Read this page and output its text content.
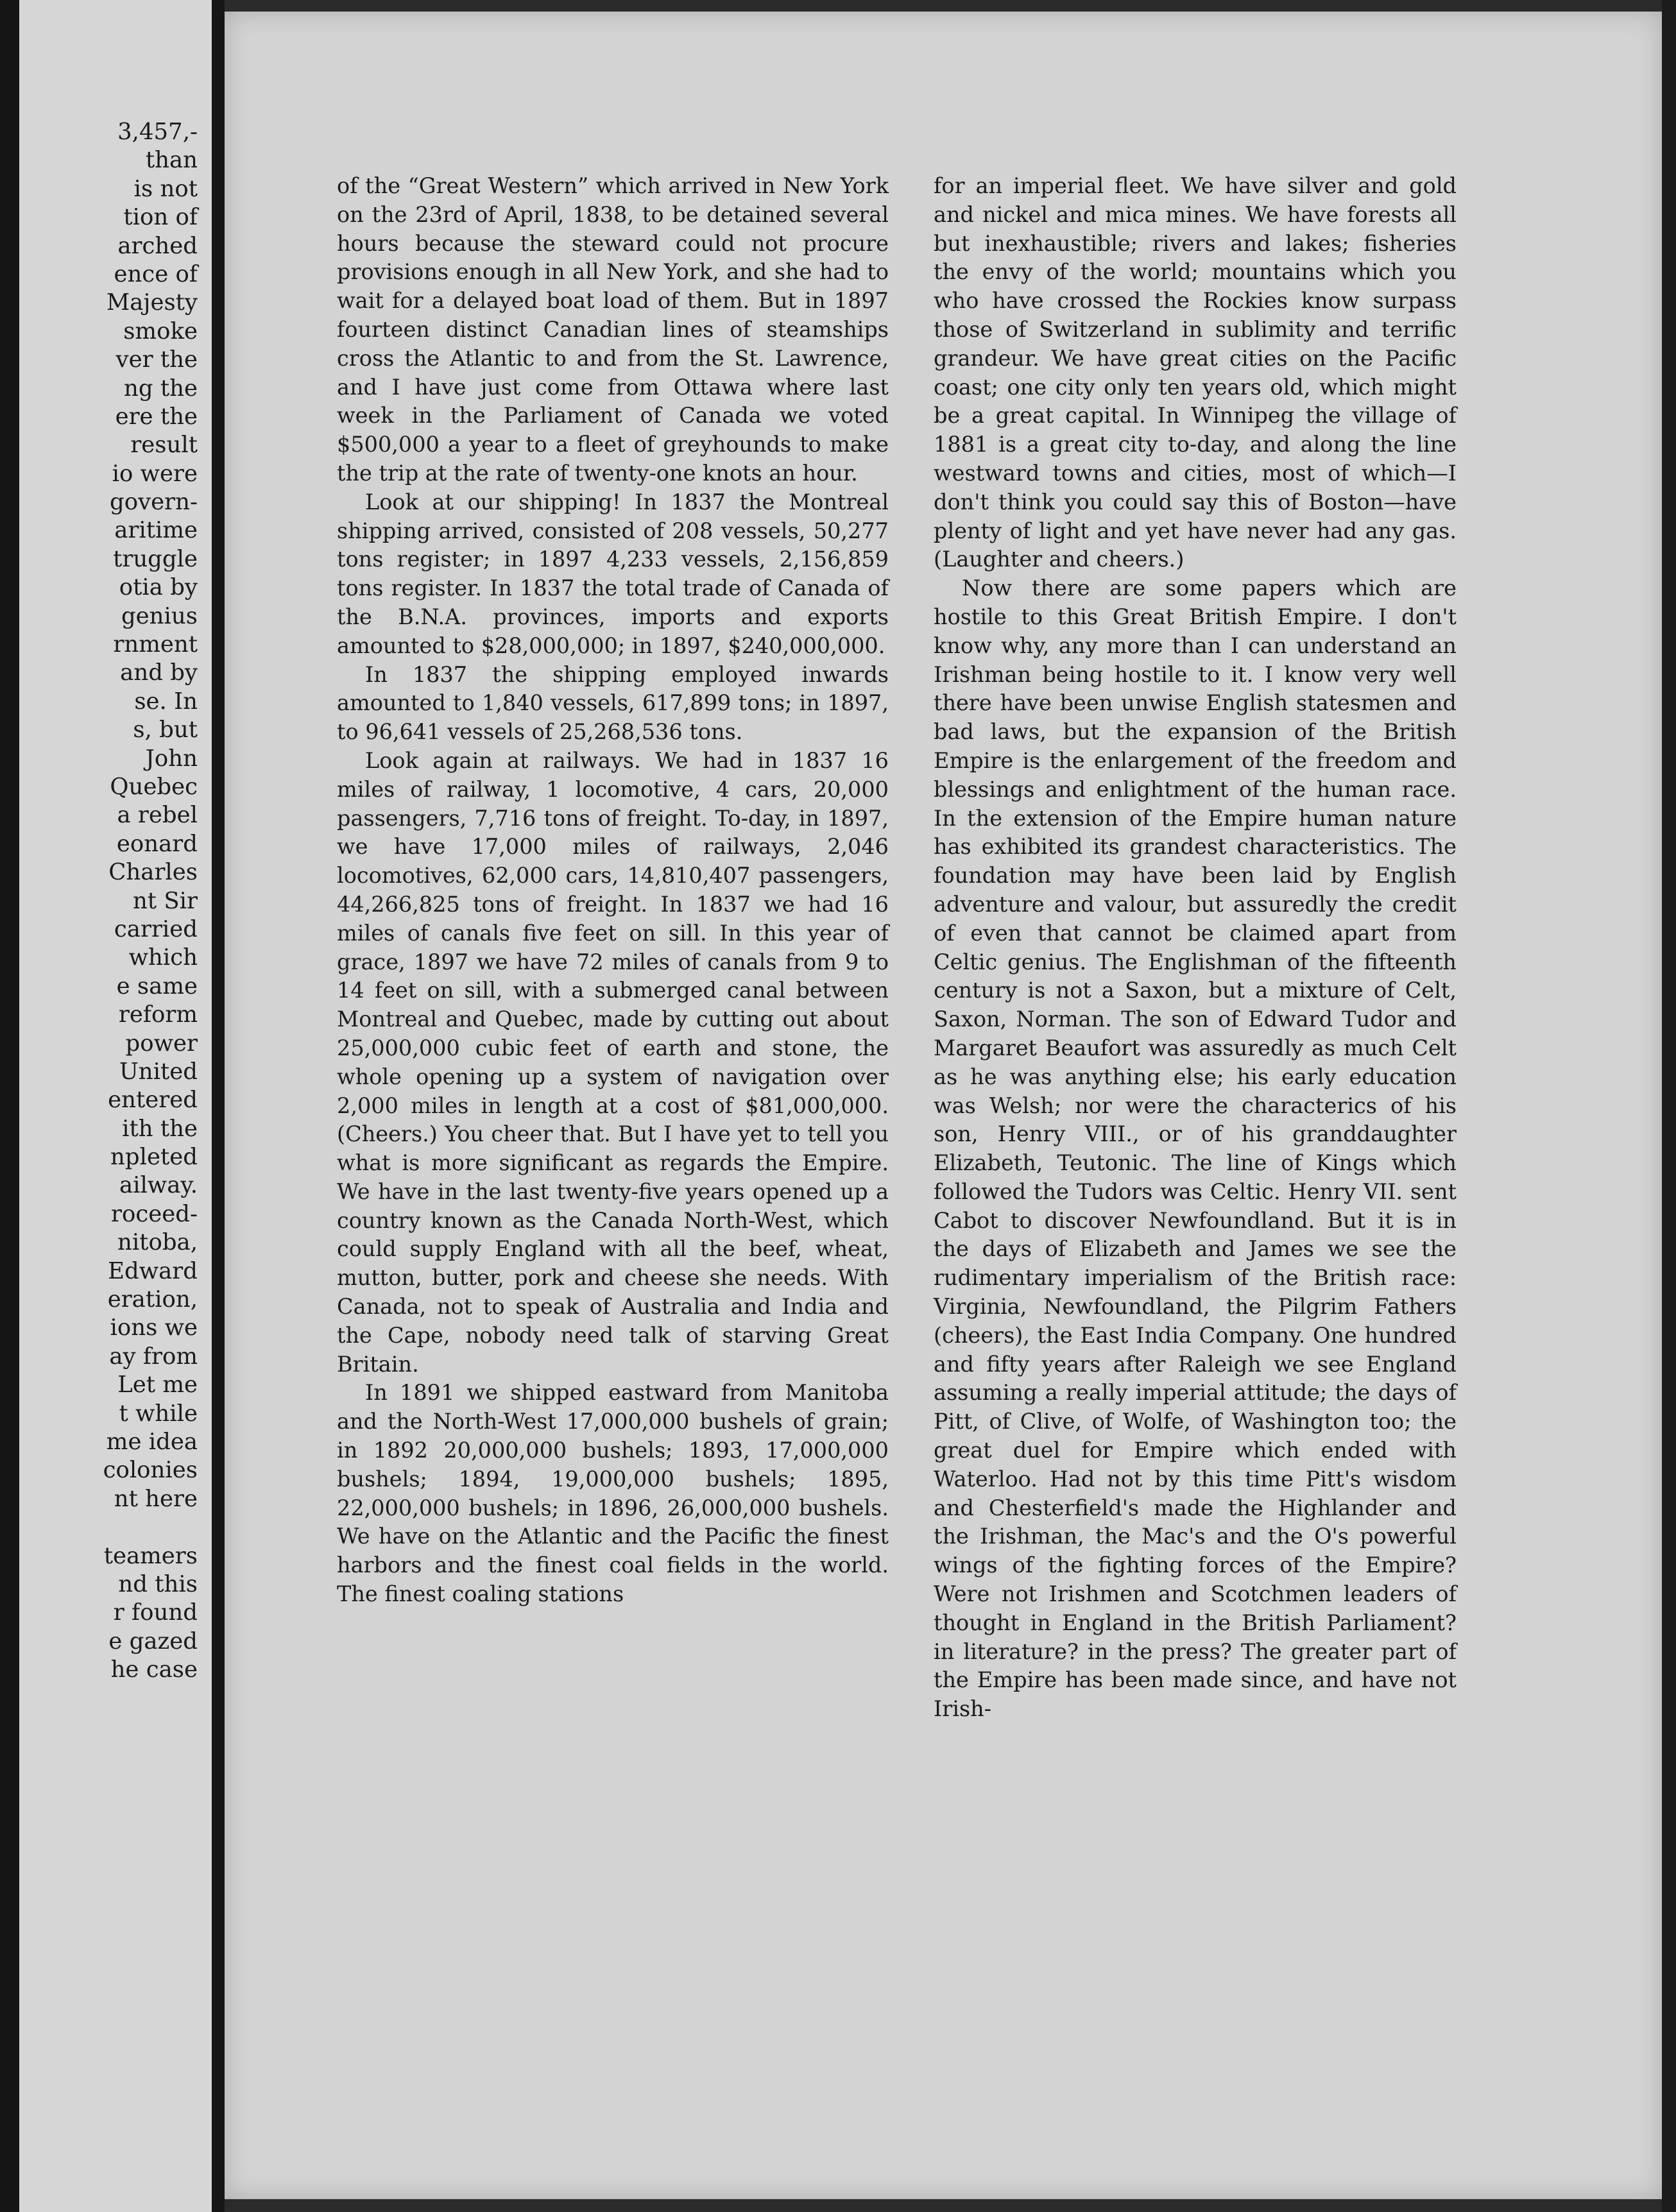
3,457,-
than
is not
tion of
arched
ence of
Majesty
smoke
ver the
ng the
ere the
result
io were
govern-
aritime
truggle
otia by
genius
rnment
and by
se. In
s, but
John
Quebec
a rebel
eonard
Charles
nt Sir
carried
which
e same
reform
power
United
entered
ith the
npleted
ailway.
roceed-
nitoba,
Edward
eration,
ions we
ay from
Let me
t while
me idea
colonies
nt here
teamers
nd this
r found
e gazed
he case

of the “Great Western” which arrived in New York on the 23rd of April, 1838, to be detained several hours because the steward could not procure provisions enough in all New York, and she had to wait for a delayed boat load of them. But in 1897 fourteen distinct Canadian lines of steamships cross the Atlantic to and from the St. Lawrence, and I have just come from Ottawa where last week in the Parliament of Canada we voted $500,000 a year to a fleet of greyhounds to make the trip at the rate of twenty-one knots an hour.

Look at our shipping! In 1837 the Montreal shipping arrived, consisted of 208 vessels, 50,277 tons register; in 1897 4,233 vessels, 2,156,859 tons register. In 1837 the total trade of Canada of the B.N.A. provinces, imports and exports amounted to $28,000,000; in 1897, $240,000,000.

In 1837 the shipping employed inwards amounted to 1,840 vessels, 617,899 tons; in 1897, to 96,641 vessels of 25,268,536 tons.

Look again at railways. We had in 1837 16 miles of railway, 1 locomotive, 4 cars, 20,000 passengers, 7,716 tons of freight. To-day, in 1897, we have 17,000 miles of railways, 2,046 locomotives, 62,000 cars, 14,810,407 passengers, 44,266,825 tons of freight. In 1837 we had 16 miles of canals five feet on sill. In this year of grace, 1897 we have 72 miles of canals from 9 to 14 feet on sill, with a submerged canal between Montreal and Quebec, made by cutting out about 25,000,000 cubic feet of earth and stone, the whole opening up a system of navigation over 2,000 miles in length at a cost of $81,000,000. (Cheers.) You cheer that. But I have yet to tell you what is more significant as regards the Empire. We have in the last twenty-five years opened up a country known as the Canada North-West, which could supply England with all the beef, wheat, mutton, butter, pork and cheese she needs. With Canada, not to speak of Australia and India and the Cape, nobody need talk of starving Great Britain.

In 1891 we shipped eastward from Manitoba and the North-West 17,000,000 bushels of grain; in 1892 20,000,000 bushels; 1893, 17,000,000 bushels; 1894, 19,000,000 bushels; 1895, 22,000,000 bushels; in 1896, 26,000,000 bushels. We have on the Atlantic and the Pacific the finest harbors and the finest coal fields in the world. The finest coaling stations

for an imperial fleet. We have silver and gold and nickel and mica mines. We have forests all but inexhaustible; rivers and lakes; fisheries the envy of the world; mountains which you who have crossed the Rockies know surpass those of Switzerland in sublimity and terrific grandeur. We have great cities on the Pacific coast; one city only ten years old, which might be a great capital. In Winnipeg the village of 1881 is a great city to-day, and along the line westward towns and cities, most of which—I don't think you could say this of Boston—have plenty of light and yet have never had any gas. (Laughter and cheers.)

Now there are some papers which are hostile to this Great British Empire. I don't know why, any more than I can understand an Irishman being hostile to it. I know very well there have been unwise English statesmen and bad laws, but the expansion of the British Empire is the enlargement of the freedom and blessings and enlightment of the human race. In the extension of the Empire human nature has exhibited its grandest characteristics. The foundation may have been laid by English adventure and valour, but assuredly the credit of even that cannot be claimed apart from Celtic genius. The Englishman of the fifteenth century is not a Saxon, but a mixture of Celt, Saxon, Norman. The son of Edward Tudor and Margaret Beaufort was assuredly as much Celt as he was anything else; his early education was Welsh; nor were the characterics of his son, Henry VIII., or of his granddaughter Elizabeth, Teutonic. The line of Kings which followed the Tudors was Celtic. Henry VII. sent Cabot to discover Newfoundland. But it is in the days of Elizabeth and James we see the rudimentary imperialism of the British race: Virginia, Newfoundland, the Pilgrim Fathers (cheers), the East India Company. One hundred and fifty years after Raleigh we see England assuming a really imperial attitude; the days of Pitt, of Clive, of Wolfe, of Washington too; the great duel for Empire which ended with Waterloo. Had not by this time Pitt's wisdom and Chesterfield's made the Highlander and the Irishman, the Mac's and the O's powerful wings of the fighting forces of the Empire? Were not Irishmen and Scotchmen leaders of thought in England in the British Parliament? in literature? in the press? The greater part of the Empire has been made since, and have not Irish-
